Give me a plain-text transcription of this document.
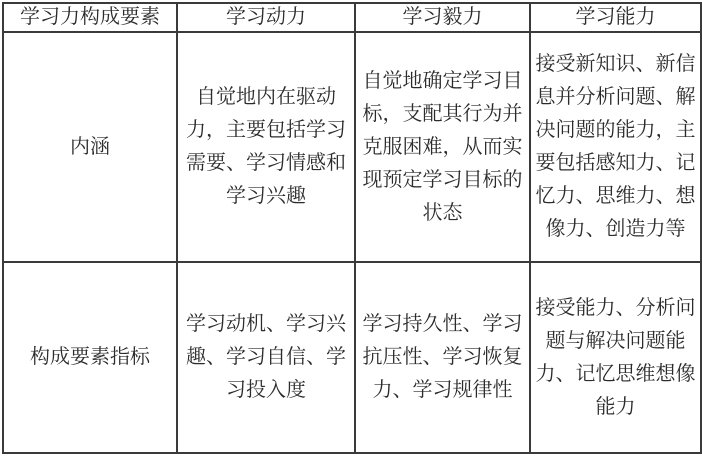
学习力构成要素	学习动力	学习毅力	学习能力
内涵	自觉地内在驱动力，主要包括学习需要、学习情感和学习兴趣	自觉地确定学习目标，支配其行为并克服困难，从而实现预定学习目标的状态	接受新知识、新信息并分析问题、解决问题的能力，主要包括感知力、记忆力、思维力、想像力、创造力等
构成要素指标	学习动机、学习兴趣、学习自信、学习投入度	学习持久性、学习抗压性、学习恢复力、学习规律性	接受能力、分析问题与解决问题能力、记忆思维想像能力
